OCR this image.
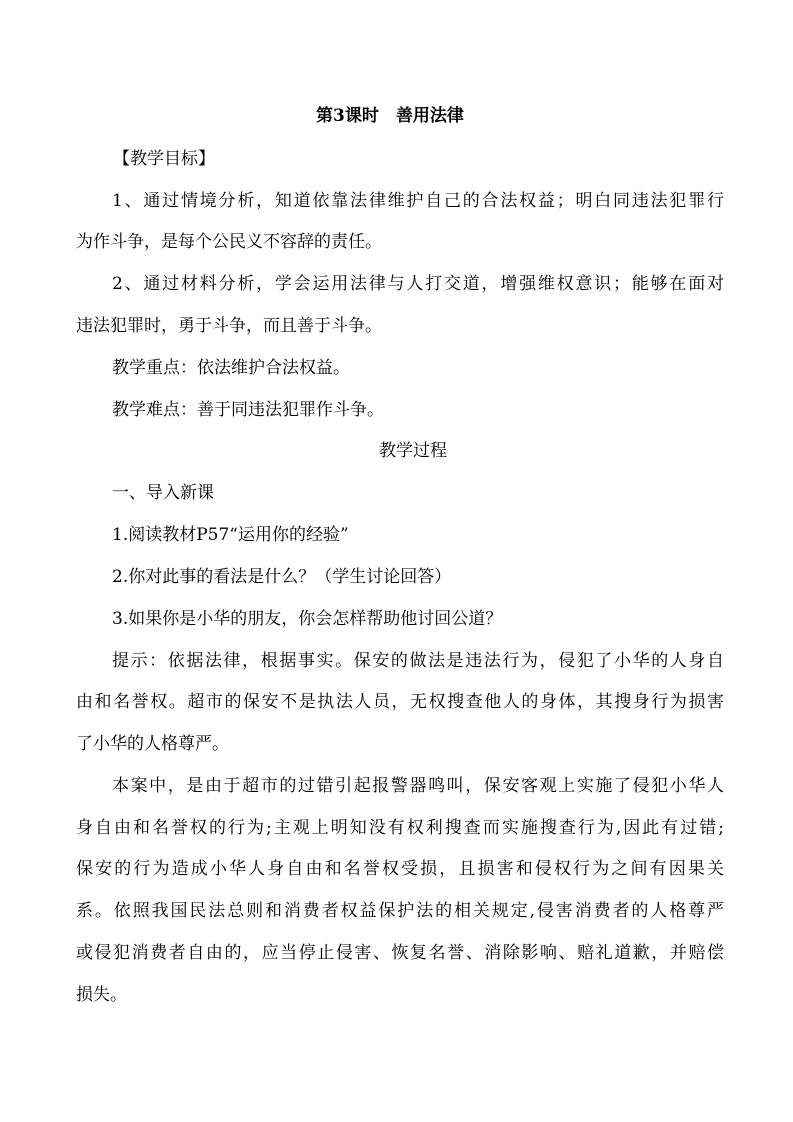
第3课时　善用法律
【教学目标】
1、通过情境分析，知道依靠法律维护自己的合法权益；明白同违法犯罪行
为作斗争，是每个公民义不容辞的责任。
2、通过材料分析，学会运用法律与人打交道，增强维权意识；能够在面对
违法犯罪时，勇于斗争，而且善于斗争。
教学重点：依法维护合法权益。
教学难点：善于同违法犯罪作斗争。
教学过程
一、导入新课
1.阅读教材P57“运用你的经验”
2.你对此事的看法是什么？（学生讨论回答）
3.如果你是小华的朋友，你会怎样帮助他讨回公道？
提示：依据法律，根据事实。保安的做法是违法行为，侵犯了小华的人身自
由和名誉权。超市的保安不是执法人员，无权搜查他人的身体，其搜身行为损害
了小华的人格尊严。
本案中，是由于超市的过错引起报警器鸣叫，保安客观上实施了侵犯小华人
身自由和名誉权的行为;主观上明知没有权利搜查而实施搜查行为,因此有过错;
保安的行为造成小华人身自由和名誉权受损，且损害和侵权行为之间有因果关
系。依照我国民法总则和消费者权益保护法的相关规定,侵害消费者的人格尊严
或侵犯消费者自由的，应当停止侵害、恢复名誉、消除影响、赔礼道歉，并赔偿
损失。
